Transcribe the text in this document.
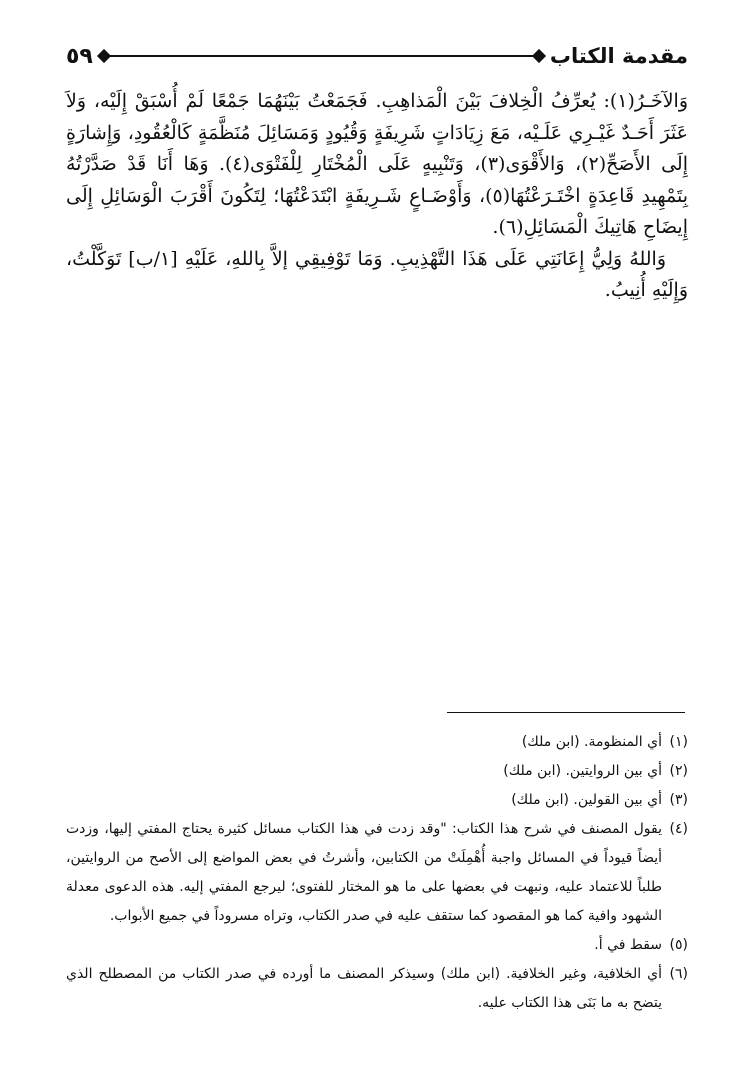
٥٩	مقدمة الكتاب

وَالآخَـرُ(١): يُعرِّفُ الْخِلافَ بَيْنَ الْمَذاهِبِ. فَجَمَعْتُ بَيْنَهُمَا جَمْعًا لَمْ أُسْبَقْ إِلَيْه، وَلاَ عَثَرَ أَحَـدٌ غَيْـرِي عَلَـيْه، مَعَ زِيَادَاتٍ شَرِيفَةٍ وَقُيُودٍ وَمَسَائِلَ مُنَظَّمَةٍ كَالْعُقُودِ، وَإِشارَةٍ إِلَى الأَصَحِّ(٢)، وَالأَقْوَى(٣)، وَتَنْبِيهٍ عَلَى الْمُخْتَارِ لِلْفَتْوَى(٤). وَهَا أَنَا قَدْ صَدَّرْتُهُ بِتَمْهِيدِ قَاعِدَةٍ اخْتَـرَعْتُهَا(٥)، وَأَوْضَـاعٍ شَـرِيفَةٍ ابْتَدَعْتُهَا؛ لِتَكُونَ أَقْرَبَ الْوَسَائِلِ إِلَى إِيضَاحِ هَاتِيكَ الْمَسَائِلِ(٦).

وَاللهُ وَلِيُّ إِعَانَتِي عَلَى هَذَا التَّهْذِيبِ. وَمَا تَوْفِيقِي إلاَّ بِاللهِ، عَلَيْهِ [١/ب] تَوَكَّلْتُ، وَإِلَيْهِ أُنِيبُ.

(١)
أي المنظومة. (ابن ملك)
(٢)
أي بين الروايتين. (ابن ملك)
(٣)
أي بين القولين. (ابن ملك)
(٤)
يقول المصنف في شرح هذا الكتاب: "وقد زدت في هذا الكتاب مسائل كثيرة يحتاج المفتي إليها، وزدت أيضاً قيوداً في المسائل واجبة أُهْمِلَتْ من الكتابين، وأشرتُ في بعض المواضع إلى الأصح من الروايتين، طلباً للاعتماد عليه، ونبهت في بعضها على ما هو المختار للفتوى؛ ليرجع المفتي إليه. هذه الدعوى معدلة الشهود وافية كما هو المقصود كما ستقف عليه في صدر الكتاب، وتراه مسروداً في جميع الأبواب.
(٥)
سقط في أ.
(٦)
أي الخلافية، وغير الخلافية. (ابن ملك) وسيذكر المصنف ما أورده في صدر الكتاب من المصطلح الذي يتضح به ما بَنَى هذا الكتاب عليه.
